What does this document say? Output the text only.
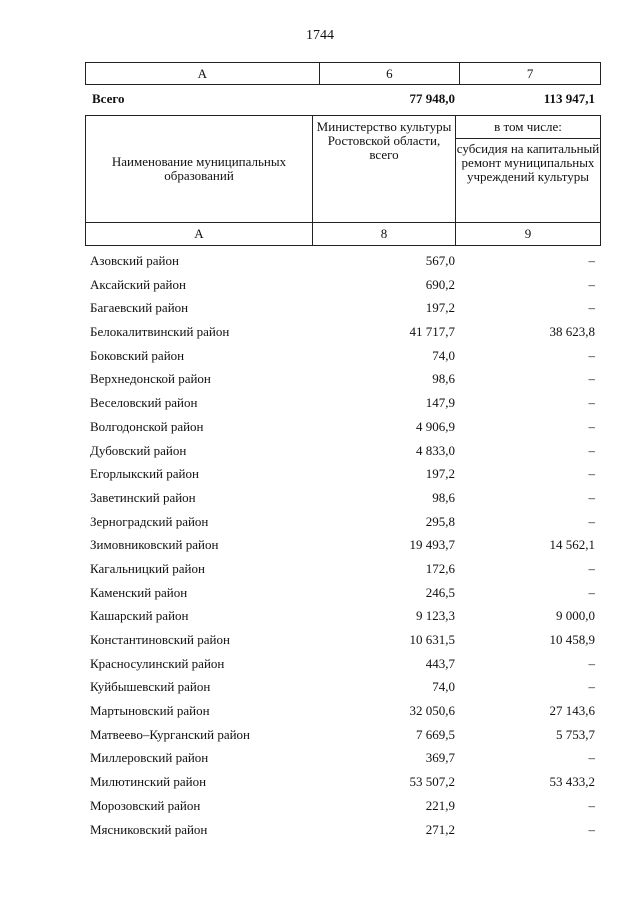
1744
А	6	7
Всего	77 948,0	113 947,1
Наименование муниципальных образований	Министерство культуры Ростовской области, всего	в том числе:
		субсидия на капитальный ремонт муниципальных учреждений культуры
А	8	9
Азовский район	567,0	–
Аксайский район	690,2	–
Багаевский район	197,2	–
Белокалитвинский район	41 717,7	38 623,8
Боковский район	74,0	–
Верхнедонской район	98,6	–
Веселовский район	147,9	–
Волгодонской район	4 906,9	–
Дубовский район	4 833,0	–
Егорлыкский район	197,2	–
Заветинский район	98,6	–
Зерноградский район	295,8	–
Зимовниковский район	19 493,7	14 562,1
Кагальницкий район	172,6	–
Каменский район	246,5	–
Кашарский район	9 123,3	9 000,0
Константиновский район	10 631,5	10 458,9
Красносулинский район	443,7	–
Куйбышевский район	74,0	–
Мартыновский район	32 050,6	27 143,6
Матвеево–Курганский район	7 669,5	5 753,7
Миллеровский район	369,7	–
Милютинский район	53 507,2	53 433,2
Морозовский район	221,9	–
Мясниковский район	271,2	–
